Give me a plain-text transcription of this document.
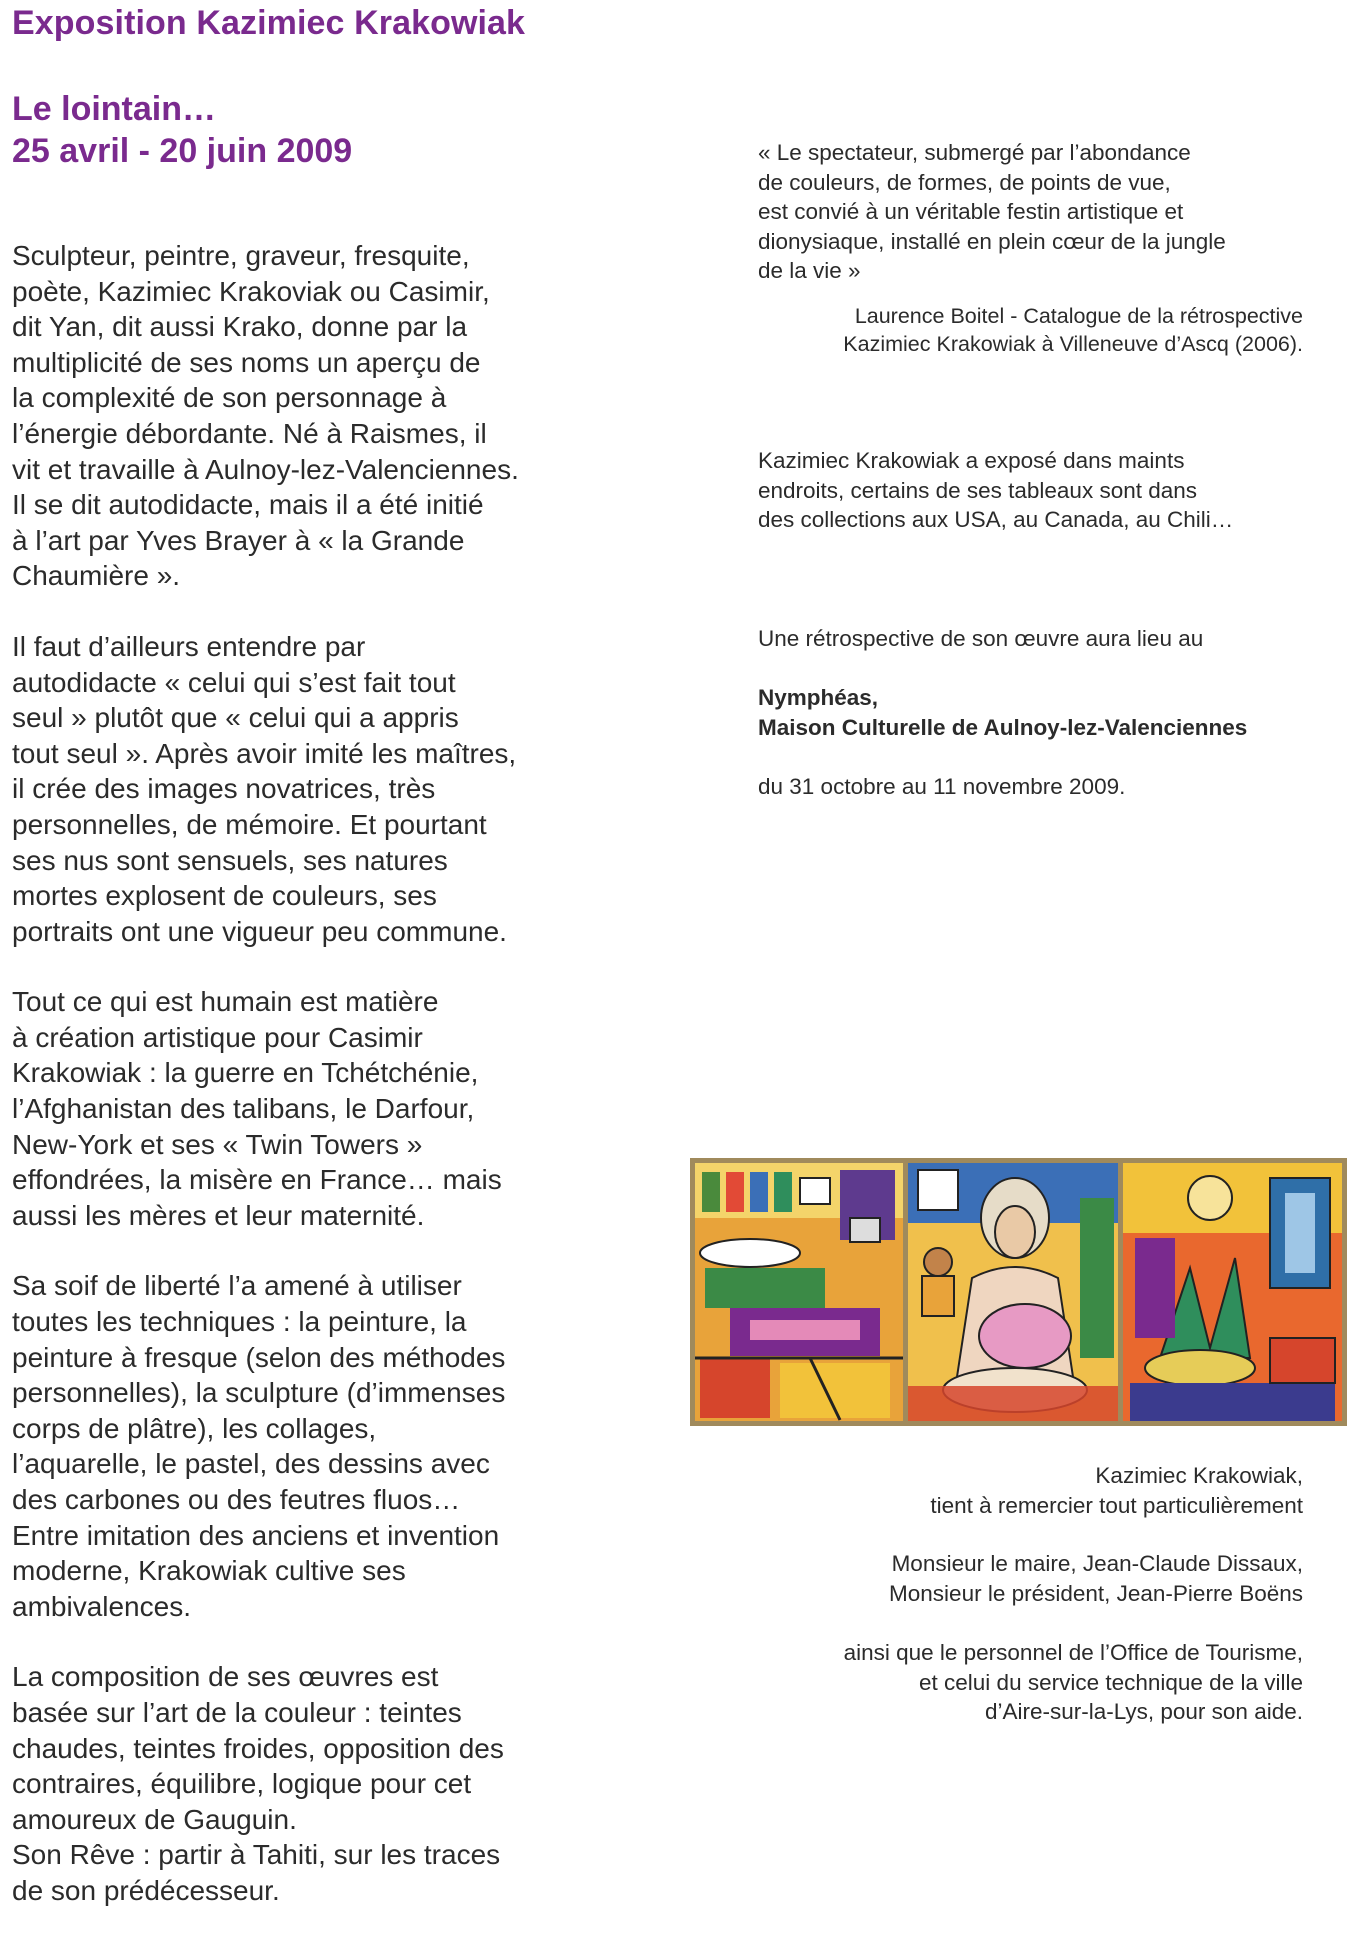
Exposition Kazimiec Krakowiak
Le lointain…
25 avril - 20 juin 2009

Sculpteur, peintre, graveur, fresquite,
poète, Kazimiec Krakoviak ou Casimir,
dit Yan, dit aussi Krako, donne par la
multiplicité de ses noms un aperçu de
la complexité de son personnage à
l’énergie débordante. Né à Raismes, il
vit et travaille à Aulnoy-lez-Valenciennes.
Il se dit autodidacte, mais il a été initié
à l’art par Yves Brayer à « la Grande
Chaumière ».

Il faut d’ailleurs entendre par
autodidacte « celui qui s’est fait tout
seul » plutôt que « celui qui a appris
tout seul ». Après avoir imité les maîtres,
il crée des images novatrices, très
personnelles, de mémoire. Et pourtant
ses nus sont sensuels, ses natures
mortes explosent de couleurs, ses
portraits ont une vigueur peu commune.

Tout ce qui est humain est matière
à création artistique pour Casimir
Krakowiak : la guerre en Tchétchénie,
l’Afghanistan des talibans, le Darfour,
New-York et ses « Twin Towers »
effondrées, la misère en France… mais
aussi les mères et leur maternité.

Sa soif de liberté l’a amené à utiliser
toutes les techniques : la peinture, la
peinture à fresque (selon des méthodes
personnelles), la sculpture (d’immenses
corps de plâtre), les collages,
l’aquarelle, le pastel, des dessins avec
des carbones ou des feutres fluos…
Entre imitation des anciens et invention
moderne, Krakowiak cultive ses
ambivalences.

La composition de ses œuvres est
basée sur l’art de la couleur : teintes
chaudes, teintes froides, opposition des
contraires, équilibre, logique pour cet
amoureux de Gauguin.
Son Rêve : partir à Tahiti, sur les traces
de son prédécesseur.

« Le spectateur, submergé par l’abondance
de couleurs, de formes, de points de vue,
est convié à un véritable festin artistique et
dionysiaque, installé en plein cœur de la jungle
de la vie »
Laurence Boitel - Catalogue de la rétrospective
Kazimiec Krakowiak à Villeneuve d’Ascq (2006).
Kazimiec Krakowiak a exposé dans maints
endroits, certains de ses tableaux sont dans
des collections aux USA, au Canada, au Chili…
Une rétrospective de son œuvre aura lieu au
Nymphéas,
Maison Culturelle de Aulnoy-lez-Valenciennes
du 31 octobre au 11 novembre 2009.
Kazimiec Krakowiak,
tient à remercier tout particulièrement
Monsieur le maire, Jean-Claude Dissaux,
Monsieur le président, Jean-Pierre Boëns
ainsi que le personnel de l’Office de Tourisme,
et celui du service technique de la ville
d’Aire-sur-la-Lys, pour son aide.
